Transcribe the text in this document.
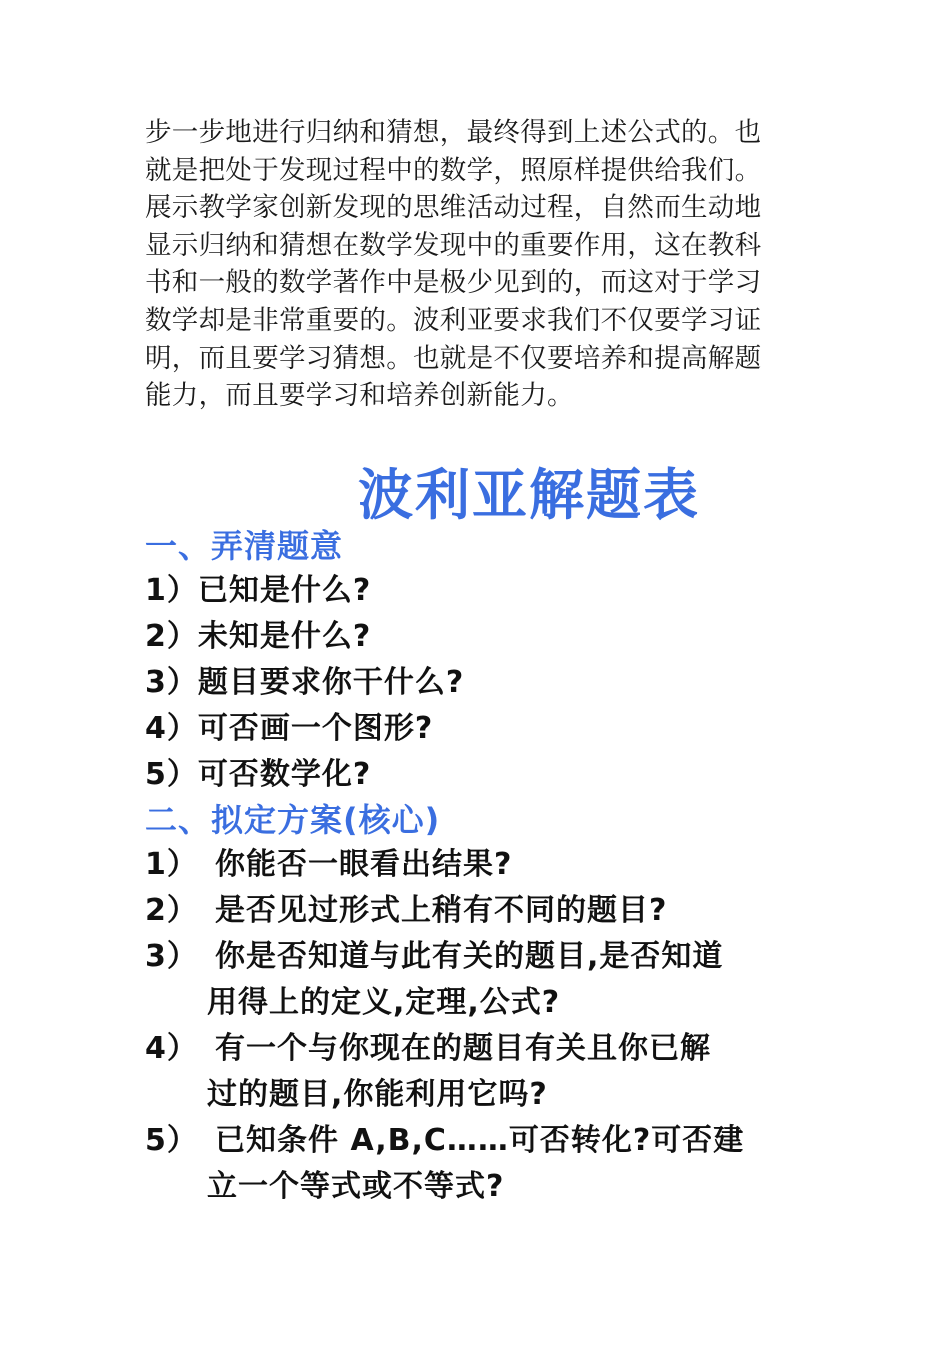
步一步地进行归纳和猜想，最终得到上述公式的。也
就是把处于发现过程中的数学，照原样提供给我们。
展示教学家创新发现的思维活动过程，自然而生动地
显示归纳和猜想在数学发现中的重要作用，这在教科
书和一般的数学著作中是极少见到的，而这对于学习
数学却是非常重要的。波利亚要求我们不仅要学习证
明，而且要学习猜想。也就是不仅要培养和提高解题
能力，而且要学习和培养创新能力。

波利亚解题表
一、弄清题意

1）已知是什么?

2）未知是什么?

3）题目要求你干什么?

4）可否画一个图形?

5）可否数学化?

二、拟定方案(核心)
1） 你能否一眼看出结果?
2） 是否见过形式上稍有不同的题目?
3） 你是否知道与此有关的题目,是否知道
用得上的定义,定理,公式?
4） 有一个与你现在的题目有关且你已解
过的题目,你能利用它吗?
5） 已知条件 A,B,C……可否转化?可否建
立一个等式或不等式?
